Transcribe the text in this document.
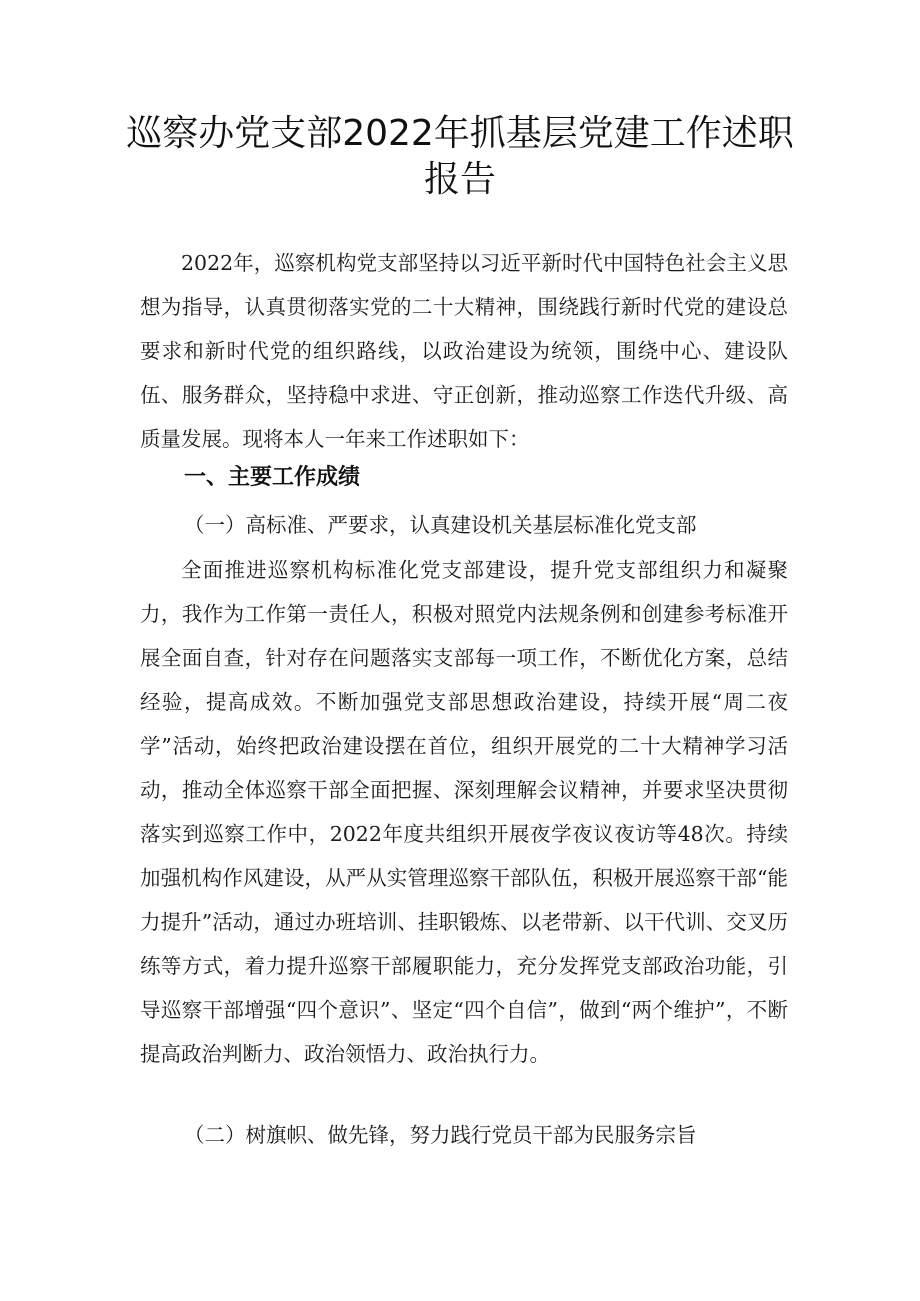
巡察办党支部2022年抓基层党建工作述职
报告
2022年，巡察机构党支部坚持以习近平新时代中国特色社会主义思想为指导，认真贯彻落实党的二十大精神，围绕践行新时代党的建设总要求和新时代党的组织路线，以政治建设为统领，围绕中心、建设队伍、服务群众，坚持稳中求进、守正创新，推动巡察工作迭代升级、高质量发展。现将本人一年来工作述职如下：
一、主要工作成绩
（一）高标准、严要求，认真建设机关基层标准化党支部
全面推进巡察机构标准化党支部建设，提升党支部组织力和凝聚力，我作为工作第一责任人，积极对照党内法规条例和创建参考标准开展全面自查，针对存在问题落实支部每一项工作，不断优化方案，总结经验，提高成效。不断加强党支部思想政治建设，持续开展“周二夜学”活动，始终把政治建设摆在首位，组织开展党的二十大精神学习活动，推动全体巡察干部全面把握、深刻理解会议精神，并要求坚决贯彻落实到巡察工作中，2022年度共组织开展夜学夜议夜访等48次。持续加强机构作风建设，从严从实管理巡察干部队伍，积极开展巡察干部“能力提升”活动，通过办班培训、挂职锻炼、以老带新、以干代训、交叉历练等方式，着力提升巡察干部履职能力，充分发挥党支部政治功能，引导巡察干部增强“四个意识”、坚定“四个自信”，做到“两个维护”，不断提高政治判断力、政治领悟力、政治执行力。
（二）树旗帜、做先锋，努力践行党员干部为民服务宗旨
